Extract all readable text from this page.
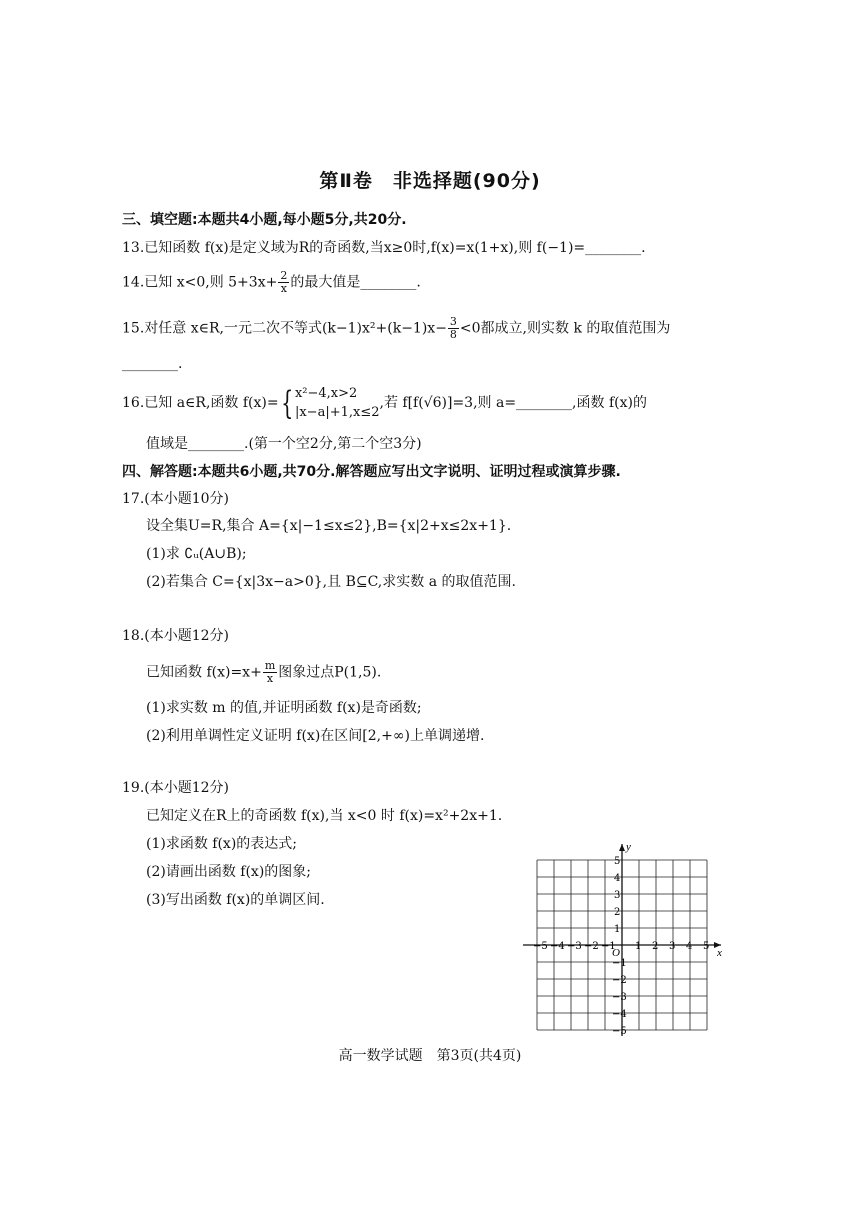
第Ⅱ卷　非选择题(90分)
三、填空题:本题共4小题,每小题5分,共20分.
13.已知函数 f(x)是定义域为R的奇函数,当x≥0时,f(x)=x(1+x),则 f(−1)=________.
14.已知 x<0,则 $5+3x+ \frac{2}{x}$ 的最大值是________.
15.对任意 x∈R,一元二次不等式$(k-1)x^2+(k-1)x- \frac{3}{8} <0$都成立,则实数 k 的取值范围为
________.
16.已知 a∈R,函数 f(x)={ x²−4,x>2
|x−a|+1,x≤2
,若 f[f(√6)]=3,则 a=________,函数 f(x)的
值域是________.(第一个空2分,第二个空3分)
四、解答题:本题共6小题,共70分.解答题应写出文字说明、证明过程或演算步骤.
17.(本小题10分)
设全集U=R,集合 A={x|−1≤x≤2},B={x|2+x≤2x+1}.
(1)求 ∁ᵤ(A∪B);
(2)若集合 C={x|3x−a>0},且 B⊆C,求实数 a 的取值范围.
18.(本小题12分)
已知函数 $f(x)=x+ \frac{m}{x}$ 图象过点P(1,5).
(1)求实数 m 的值,并证明函数 f(x)是奇函数;
(2)利用单调性定义证明 f(x)在区间[2,+∞)上单调递增.
19.(本小题12分)
已知定义在R上的奇函数 f(x),当 x<0 时 f(x)=x²+2x+1.
(1)求函数 f(x)的表达式;
(2)请画出函数 f(x)的图象;
(3)写出函数 f(x)的单调区间.
x
y
O
−5 −4 −3 −2 −1 1 2 3 4 5
5
4
3
2
1
−1
−2
−3
−4
−5
高一数学试题　第3页(共4页)
